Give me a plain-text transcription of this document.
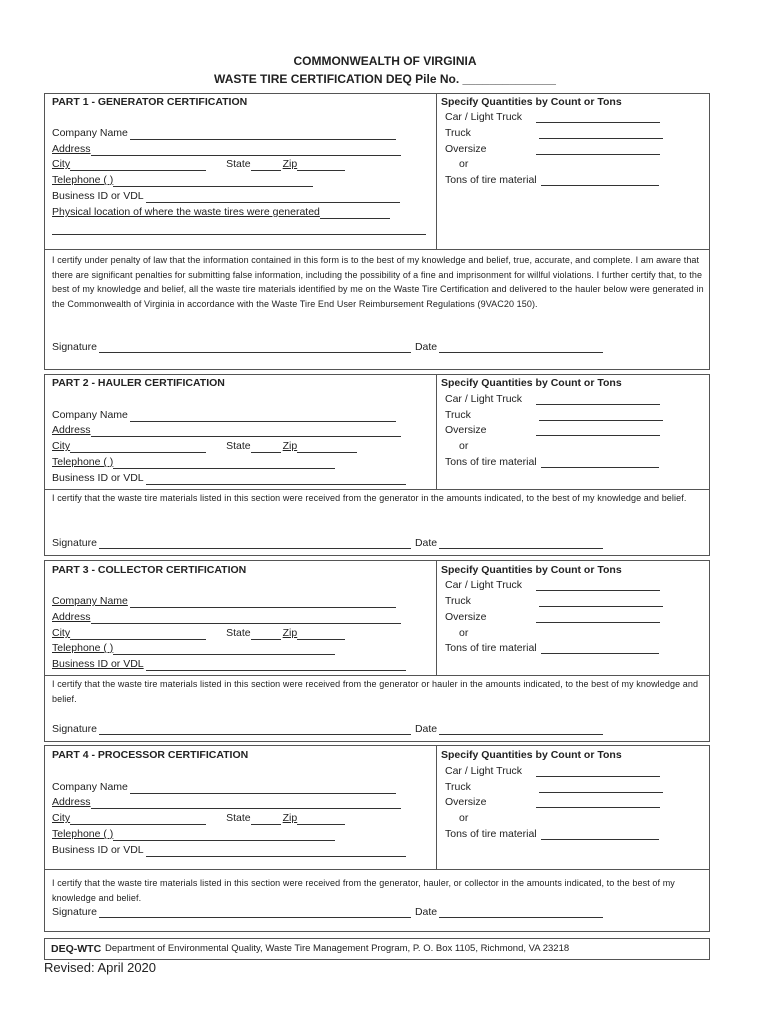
COMMONWEALTH OF VIRGINIA
WASTE TIRE CERTIFICATION DEQ Pile No. ______________
PART 1 - GENERATOR CERTIFICATION
Company Name
Address
City	State	Zip
Telephone ( )
Business ID or VDL
Physical location of where the waste tires were generated
Specify Quantities by Count or Tons
Car / Light Truck
Truck
Oversize
or
Tons of tire material
I certify under penalty of law that the information contained in this form is to the best of my knowledge and belief, true, accurate, and complete. I am aware that there are significant penalties for submitting false information, including the possibility of a fine and imprisonment for willful violations. I further certify that, to the best of my knowledge and belief, all the waste tire materials identified by me on the Waste Tire Certification and delivered to the hauler below were generated in the Commonwealth of Virginia in accordance with the Waste Tire End User Reimbursement Regulations (9VAC20 150).
Signature	Date
PART 2 - HAULER CERTIFICATION
Company Name
Address
City	State	Zip
Telephone ( )
Business ID or VDL
Specify Quantities by Count or Tons
Car / Light Truck
Truck
Oversize
or
Tons of tire material
I certify that the waste tire materials listed in this section were received from the generator in the amounts indicated, to the best of my knowledge and belief.
Signature	Date
PART 3 - COLLECTOR CERTIFICATION
Company Name
Address
City	State	Zip
Telephone ( )
Business ID or VDL
Specify Quantities by Count or Tons
Car / Light Truck
Truck
Oversize
or
Tons of tire material
I certify that the waste tire materials listed in this section were received from the generator or hauler in the amounts indicated, to the best of my knowledge and belief.
Signature	Date
PART 4 - PROCESSOR CERTIFICATION
Company Name
Address
City	State	Zip
Telephone ( )
Business ID or VDL
Specify Quantities by Count or Tons
Car / Light Truck
Truck
Oversize
or
Tons of tire material
I certify that the waste tire materials listed in this section were received from the generator, hauler, or collector in the amounts indicated, to the best of my knowledge and belief.
Signature	Date
DEQ-WTC Department of Environmental Quality, Waste Tire Management Program, P. O. Box 1105, Richmond, VA 23218
Revised: April 2020
